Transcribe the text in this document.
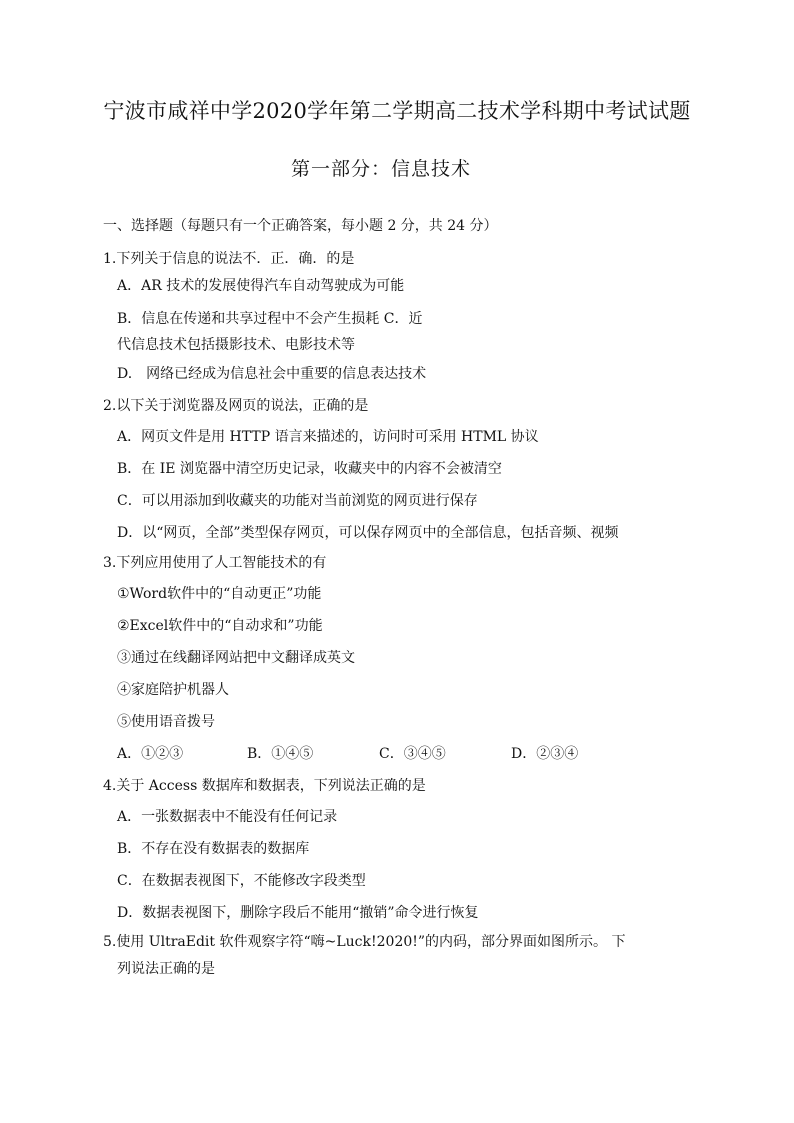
宁波市咸祥中学2020学年第二学期高二技术学科期中考试试题
第一部分：信息技术
一、选择题（每题只有一个正确答案，每小题 2 分，共 24 分）
1.下列关于信息的说法不．正．确．的是
A．AR 技术的发展使得汽车自动驾驶成为可能
B．信息在传递和共享过程中不会产生损耗 C．近
代信息技术包括摄影技术、电影技术等
D.　网络已经成为信息社会中重要的信息表达技术
2.以下关于浏览器及网页的说法，正确的是
A．网页文件是用 HTTP 语言来描述的，访问时可采用 HTML 协议
B．在 IE 浏览器中清空历史记录，收藏夹中的内容不会被清空
C．可以用添加到收藏夹的功能对当前浏览的网页进行保存
D．以“网页，全部”类型保存网页，可以保存网页中的全部信息，包括音频、视频
3.下列应用使用了人工智能技术的有
①Word软件中的“自动更正”功能
②Excel软件中的“自动求和”功能
③通过在线翻译网站把中文翻译成英文
④家庭陪护机器人
⑤使用语音拨号
A．①②③	B．①④⑤	C．③④⑤	D．②③④
4.关于 Access 数据库和数据表，下列说法正确的是
A．一张数据表中不能没有任何记录
B．不存在没有数据表的数据库
C．在数据表视图下，不能修改字段类型
D．数据表视图下，删除字段后不能用“撤销”命令进行恢复
5.使用 UltraEdit 软件观察字符“嗨~Luck!2020!”的内码，部分界面如图所示。 下
列说法正确的是
